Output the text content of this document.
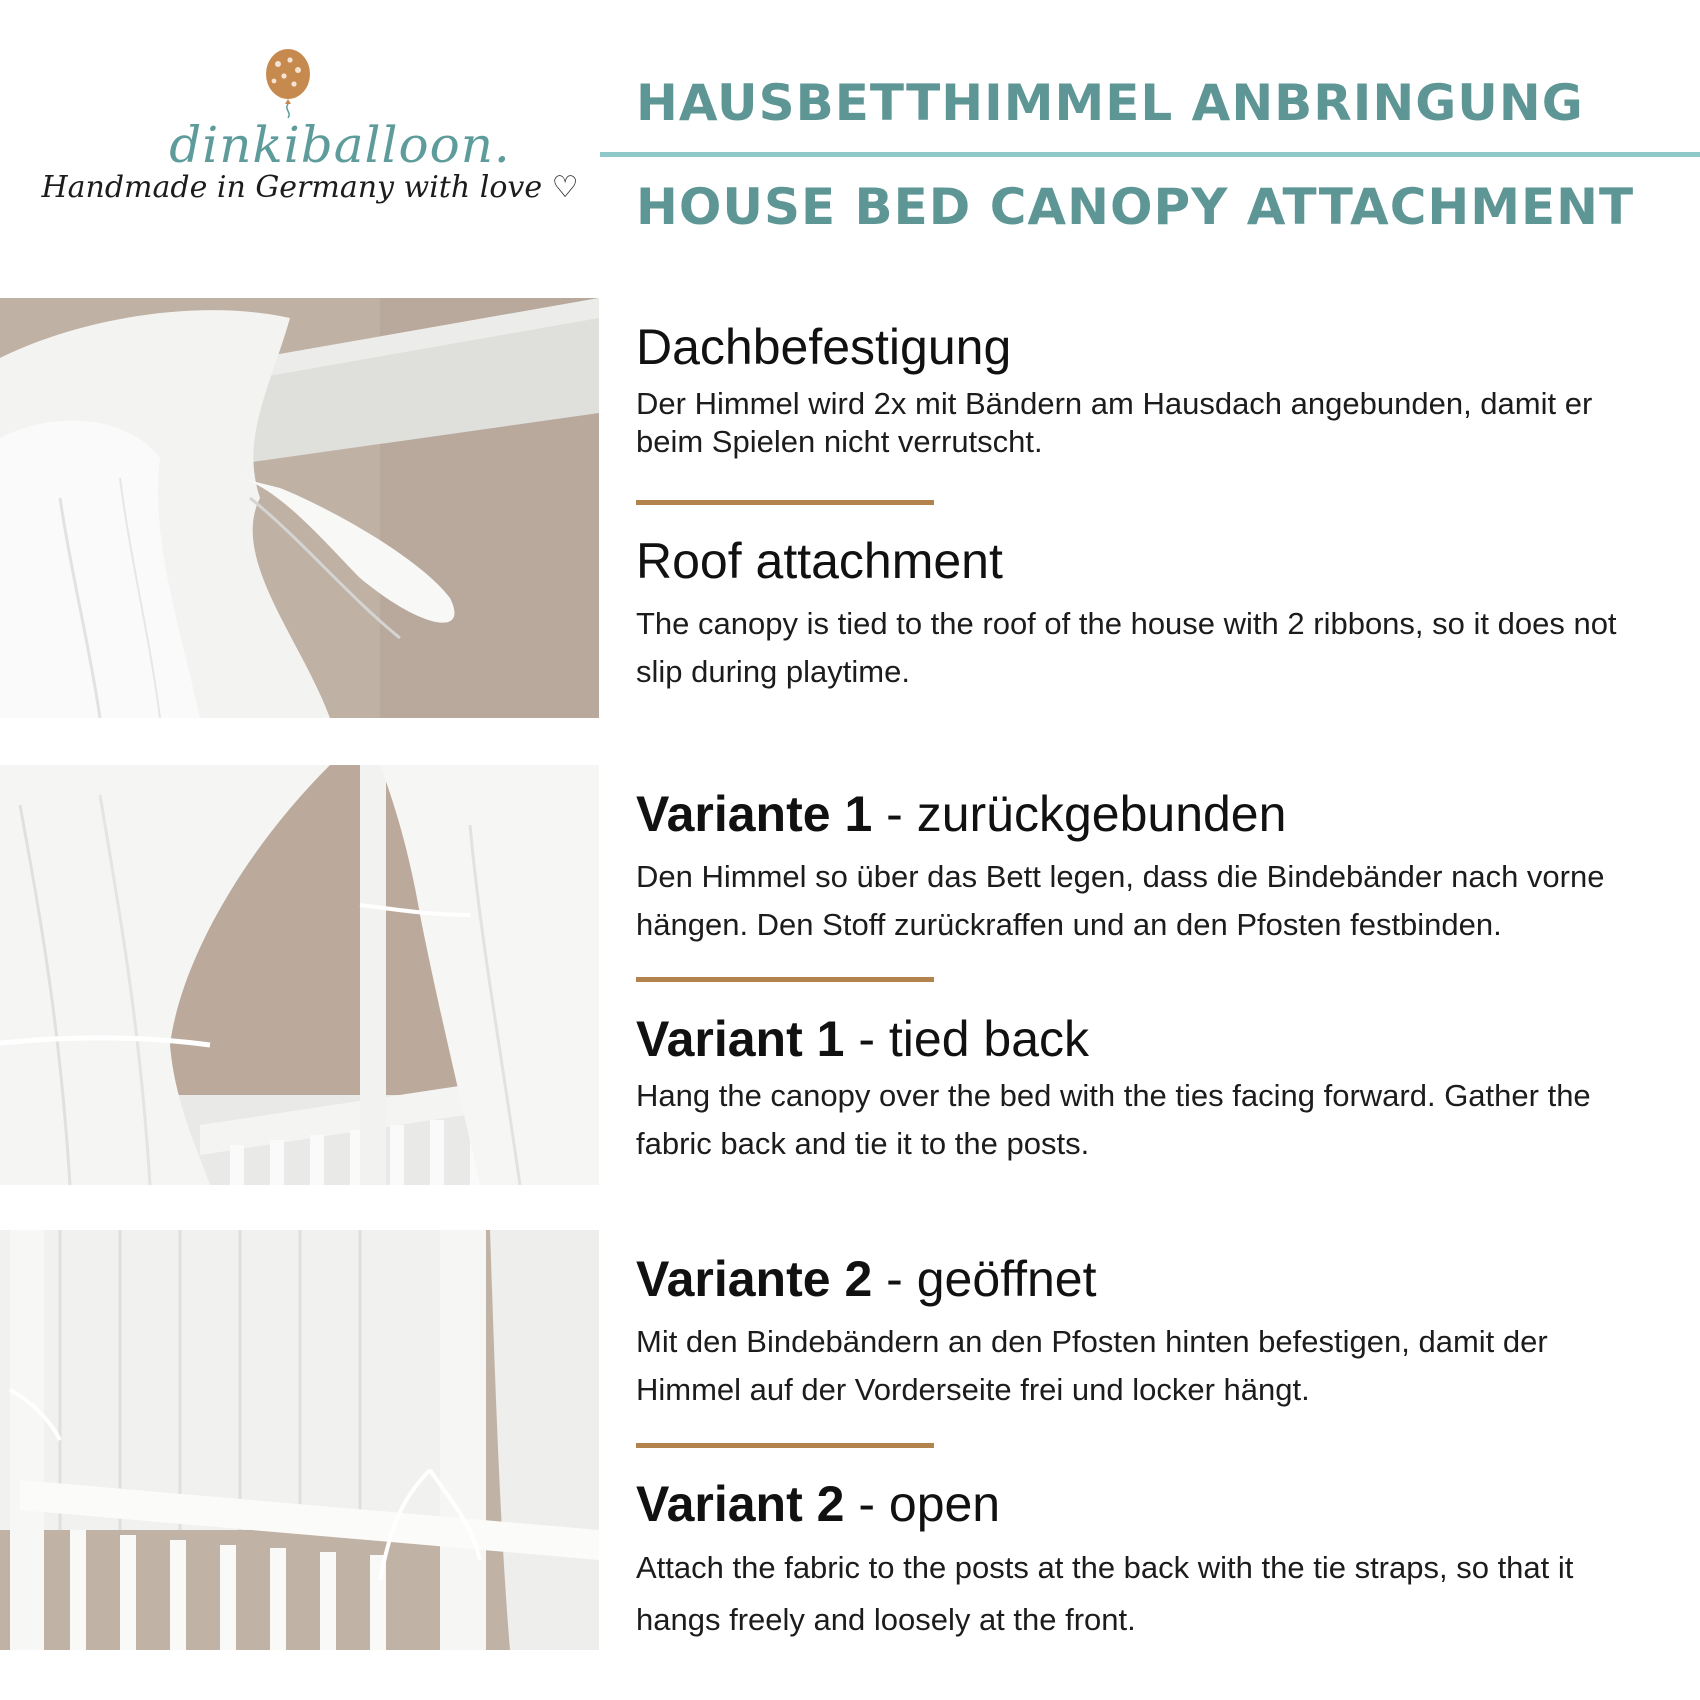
dinkiballoon.
Handmade in Germany with love ♡
HAUSBETTHIMMEL ANBRINGUNG
HOUSE BED CANOPY ATTACHMENT
Dachbefestigung
Der Himmel wird 2x mit Bändern am Hausdach angebunden, damit er beim Spielen nicht verrutscht.
Roof attachment
The canopy is tied to the roof of the house with 2 ribbons, so it does not slip during playtime.
Variante 1 - zurückgebunden
Den Himmel so über das Bett legen, dass die Bindebänder nach vorne hängen. Den Stoff zurückraffen und an den Pfosten festbinden.
Variant 1 - tied back
Hang the canopy over the bed with the ties facing forward. Gather the fabric back and tie it to the posts.
Variante 2 - geöffnet
Mit den Bindebändern an den Pfosten hinten befestigen, damit der Himmel auf der Vorderseite frei und locker hängt.
Variant 2 - open
Attach the fabric to the posts at the back with the tie straps, so that it hangs freely and loosely at the front.
